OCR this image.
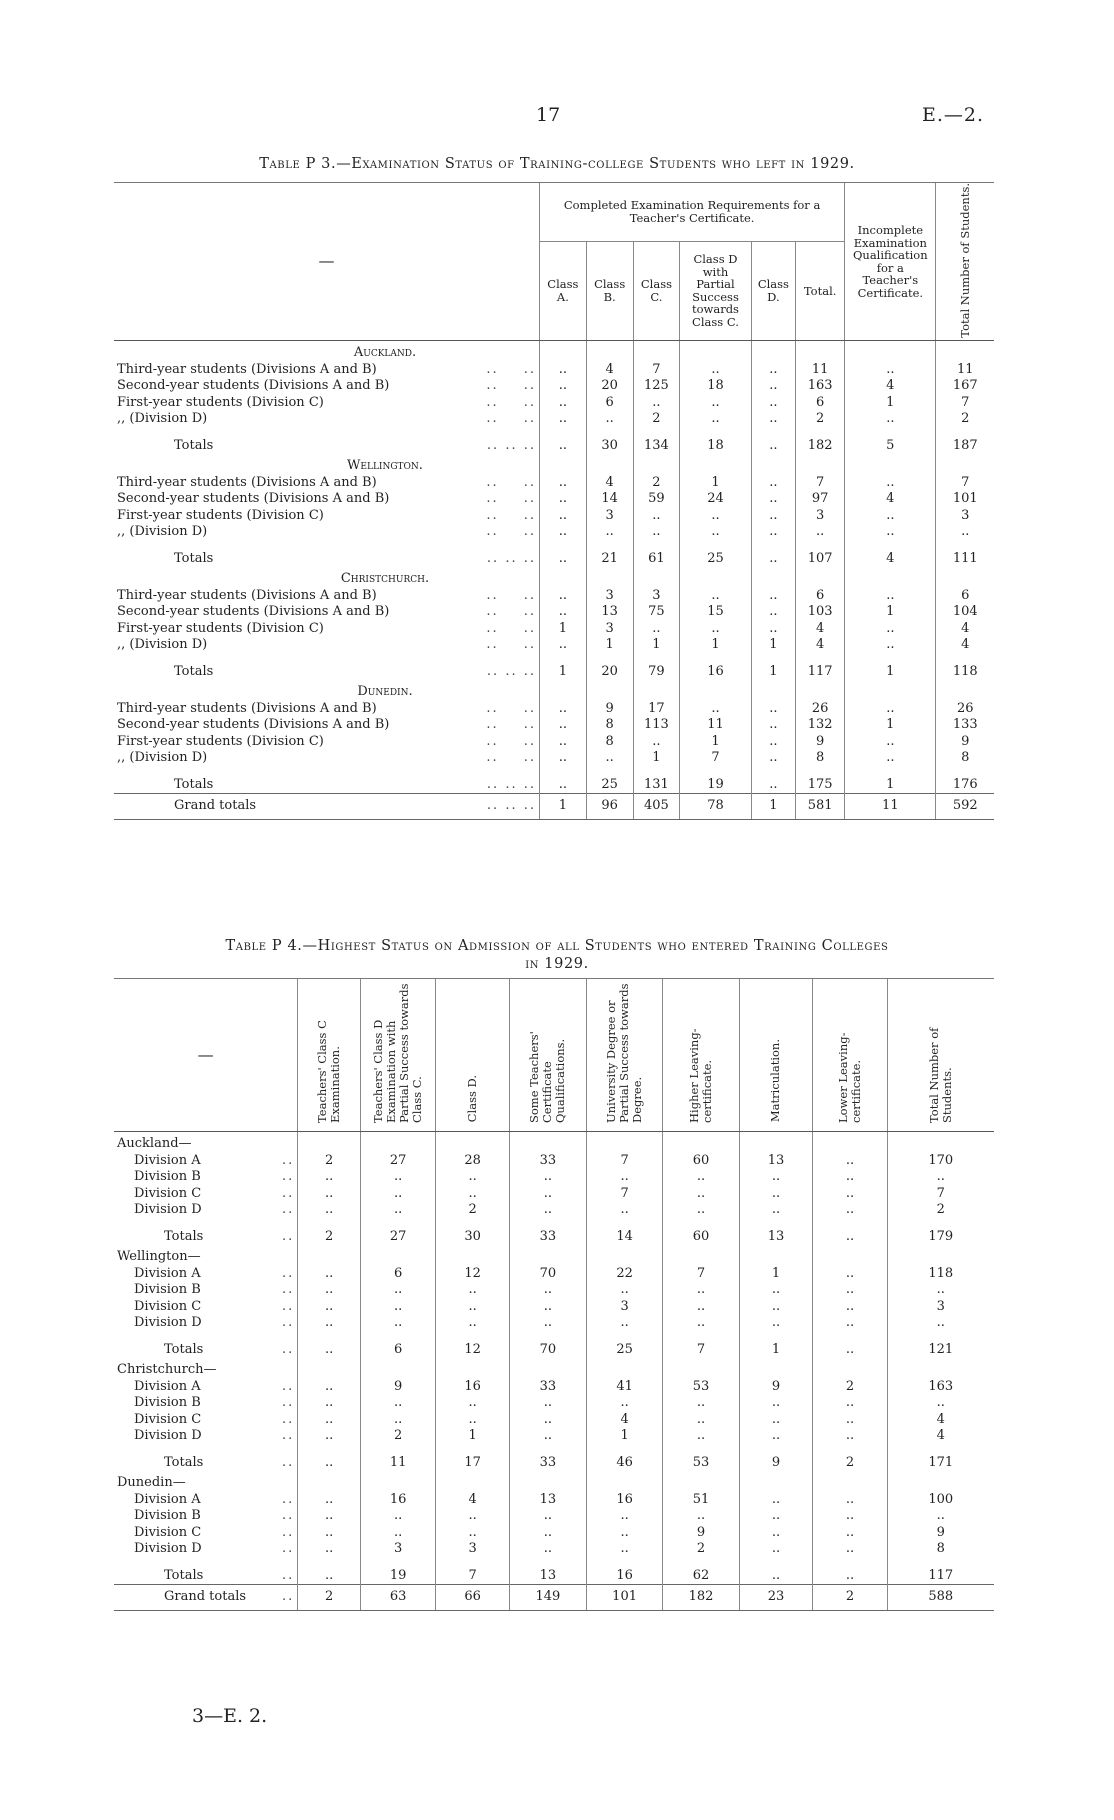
17	E.—2.
Table P 3.—Examination Status of Training-college Students who left in 1929.
—			Completed Examination Requirements for a Teacher's Certificate.						Incomplete Examination Qualification for a Teacher's Certificate.	Total Number of Students.
			Class A.	Class B.	Class C.	Class D with Partial Success towards Class C.	Class D.	Total.		
Auckland.										
Third-year students (Divisions A and B)	..	..	..	4	7	..	..	11	..	11
Second-year students (Divisions A and B)	..	..	..	20	125	18	..	163	4	167
First-year students (Division C)	..	..	..	6	..	..	..	6	1	7
,, (Division D)	..	..	..	..	2	..	..	2	..	2

Totals	.. .. ..		..	30	134	18	..	182	5	187
Wellington.										
Third-year students (Divisions A and B)	..	..	..	4	2	1	..	7	..	7
Second-year students (Divisions A and B)	..	..	..	14	59	24	..	97	4	101
First-year students (Division C)	..	..	..	3	..	..	..	3	..	3
,, (Division D)	..	..	..	..	..	..	..	..	..	..

Totals	.. .. ..		..	21	61	25	..	107	4	111
Christchurch.										
Third-year students (Divisions A and B)	..	..	..	3	3	..	..	6	..	6
Second-year students (Divisions A and B)	..	..	..	13	75	15	..	103	1	104
First-year students (Division C)	..	..	1	3	..	..	..	4	..	4
,, (Division D)	..	..	..	1	1	1	1	4	..	4

Totals	.. .. ..		1	20	79	16	1	117	1	118
Dunedin.										
Third-year students (Divisions A and B)	..	..	..	9	17	..	..	26	..	26
Second-year students (Divisions A and B)	..	..	..	8	113	11	..	132	1	133
First-year students (Division C)	..	..	..	8	..	1	..	9	..	9
,, (Division D)	..	..	..	..	1	7	..	8	..	8

Totals	.. .. ..		..	25	131	19	..	175	1	176
Grand totals	.. .. ..		1	96	405	78	1	581	11	592
Table P 4.—Highest Status on Admission of all Students who entered Training Colleges
in 1929.
—		Teachers' Class C Examination.	Teachers' Class D Examination with Partial Success towards Class C.	Class D.	Some Teachers' Certificate Qualifications.	University Degree or Partial Success towards Degree.	Higher Leaving-certificate.	Matriculation.	Lower Leaving-certificate.	Total Number of Students.
Auckland—										
Division A	..	2	27	28	33	7	60	13	..	170
Division B	..	..	..	..	..	..	..	..	..	..
Division C	..	..	..	..	..	7	..	..	..	7
Division D	..	..	..	2	..	..	..	..	..	2

Totals	..	2	27	30	33	14	60	13	..	179
Wellington—										
Division A	..	..	6	12	70	22	7	1	..	118
Division B	..	..	..	..	..	..	..	..	..	..
Division C	..	..	..	..	..	3	..	..	..	3
Division D	..	..	..	..	..	..	..	..	..	..

Totals	..	..	6	12	70	25	7	1	..	121
Christchurch—										
Division A	..	..	9	16	33	41	53	9	2	163
Division B	..	..	..	..	..	..	..	..	..	..
Division C	..	..	..	..	..	4	..	..	..	4
Division D	..	..	2	1	..	1	..	..	..	4

Totals	..	..	11	17	33	46	53	9	2	171
Dunedin—										
Division A	..	..	16	4	13	16	51	..	..	100
Division B	..	..	..	..	..	..	..	..	..	..
Division C	..	..	..	..	..	..	9	..	..	9
Division D	..	..	3	3	..	..	2	..	..	8

Totals	..	..	19	7	13	16	62	..	..	117
Grand totals	..	2	63	66	149	101	182	23	2	588
3—E. 2.
